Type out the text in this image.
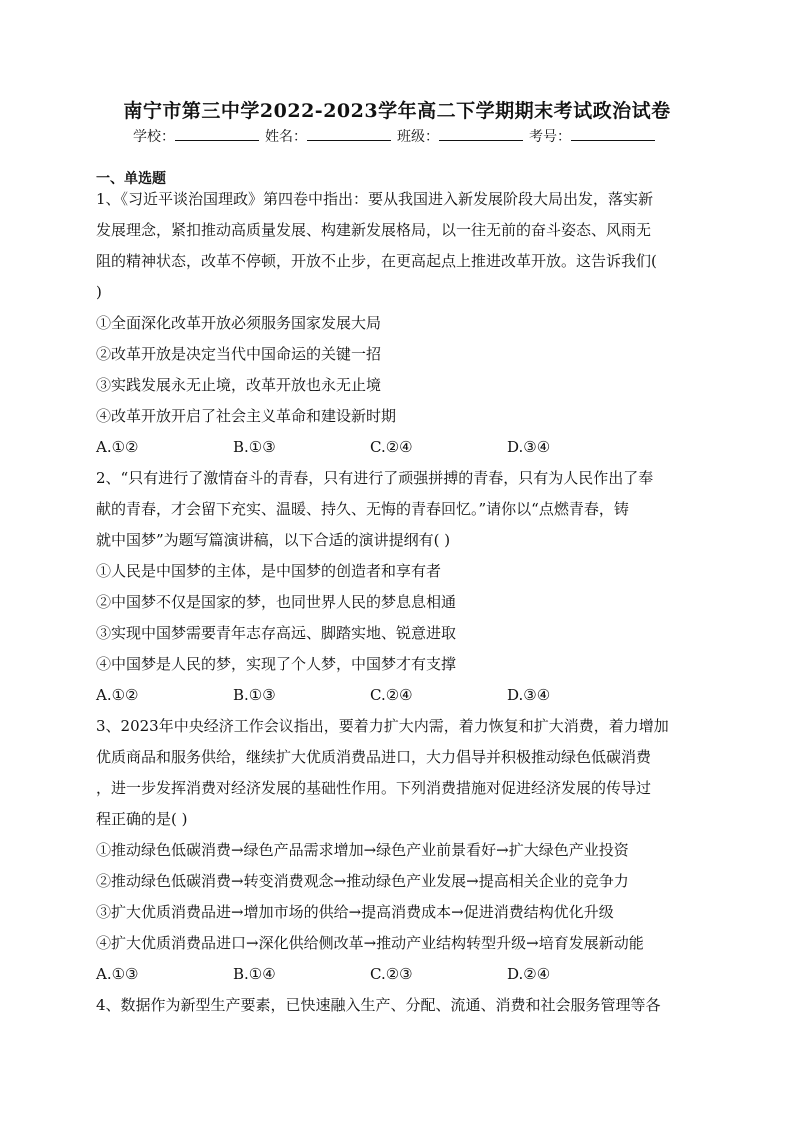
南宁市第三中学2022-2023学年高二下学期期末考试政治试卷
学校：	姓名：	班级：	考号：
一、单选题

1、《习近平谈治国理政》第四卷中指出：要从我国进入新发展阶段大局出发，落实新

发展理念，紧扣推动高质量发展、构建新发展格局，以一往无前的奋斗姿态、风雨无

阻的精神状态，改革不停顿，开放不止步，在更高起点上推进改革开放。这告诉我们(

)

①全面深化改革开放必须服务国家发展大局

②改革开放是决定当代中国命运的关键一招

③实践发展永无止境，改革开放也永无止境

④改革开放开启了社会主义革命和建设新时期

A.①②	B.①③	C.②④	D.③④

2、“只有进行了激情奋斗的青春，只有进行了顽强拼搏的青春，只有为人民作出了奉

献的青春，才会留下充实、温暖、持久、无悔的青春回忆。”请你以“点燃青春，铸

就中国梦”为题写篇演讲稿，以下合适的演讲提纲有( )

①人民是中国梦的主体，是中国梦的创造者和享有者

②中国梦不仅是国家的梦，也同世界人民的梦息息相通

③实现中国梦需要青年志存高远、脚踏实地、锐意进取

④中国梦是人民的梦，实现了个人梦，中国梦才有支撑

A.①②	B.①③	C.②④	D.③④

3、2023年中央经济工作会议指出，要着力扩大内需，着力恢复和扩大消费，着力增加

优质商品和服务供给，继续扩大优质消费品进口，大力倡导并积极推动绿色低碳消费

，进一步发挥消费对经济发展的基础性作用。下列消费措施对促进经济发展的传导过

程正确的是( )

①推动绿色低碳消费→绿色产品需求增加→绿色产业前景看好→扩大绿色产业投资

②推动绿色低碳消费→转变消费观念→推动绿色产业发展→提高相关企业的竞争力

③扩大优质消费品进→增加市场的供给→提高消费成本→促进消费结构优化升级

④扩大优质消费品进口→深化供给侧改革→推动产业结构转型升级→培育发展新动能

A.①③	B.①④	C.②③	D.②④

4、数据作为新型生产要素，已快速融入生产、分配、流通、消费和社会服务管理等各
